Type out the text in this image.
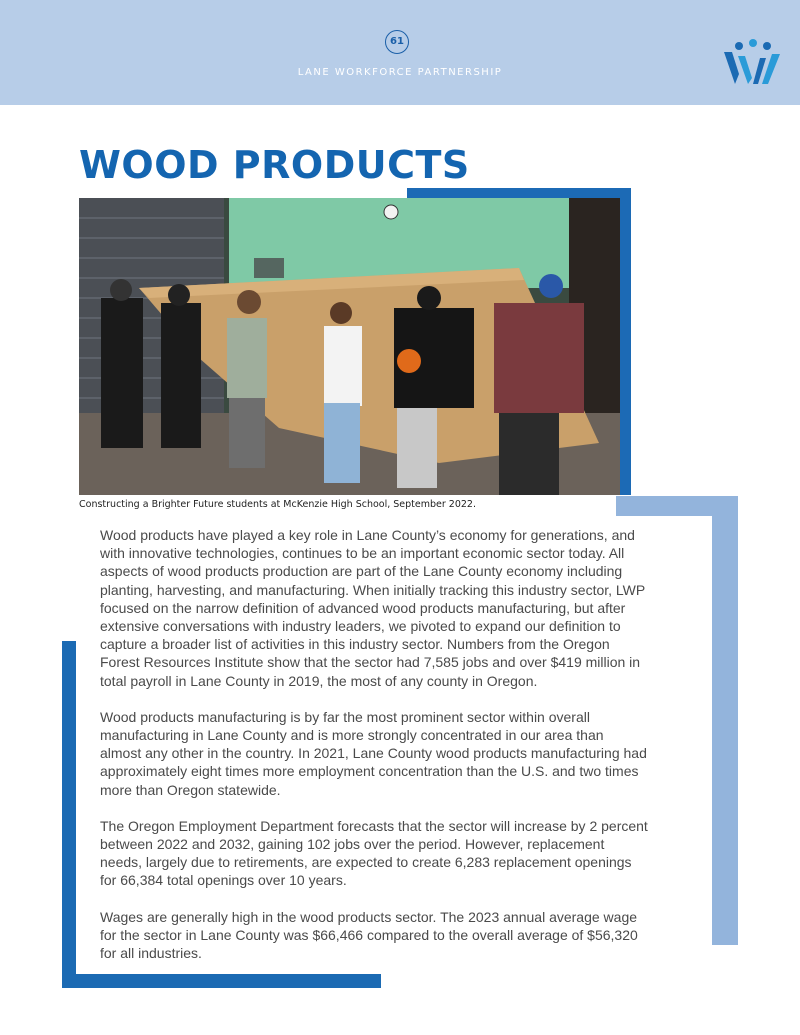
61
LANE WORKFORCE PARTNERSHIP
WOOD PRODUCTS
Constructing a Brighter Future students at McKenzie High School, September 2022.

Wood products have played a key role in Lane County’s economy for generations, and with innovative technologies, continues to be an important economic sector today. All aspects of wood products production are part of the Lane County economy including planting, harvesting, and manufacturing. When initially tracking this industry sector, LWP focused on the narrow definition of advanced wood products manufacturing, but after extensive conversations with industry leaders, we pivoted to expand our definition to capture a broader list of activities in this industry sector. Numbers from the Oregon Forest Resources Institute show that the sector had 7,585 jobs and over $419 million in total payroll in Lane County in 2019, the most of any county in Oregon.

Wood products manufacturing is by far the most prominent sector within overall manufacturing in Lane County and is more strongly concentrated in our area than almost any other in the country. In 2021, Lane County wood products manufacturing had approximately eight times more employment concentration than the U.S. and two times more than Oregon statewide.

The Oregon Employment Department forecasts that the sector will increase by 2 percent between 2022 and 2032, gaining 102 jobs over the period. However, replacement needs, largely due to retirements, are expected to create 6,283 replacement openings for 66,384 total openings over 10 years.

Wages are generally high in the wood products sector. The 2023 annual average wage for the sector in Lane County was $66,466 compared to the overall average of $56,320 for all industries.
